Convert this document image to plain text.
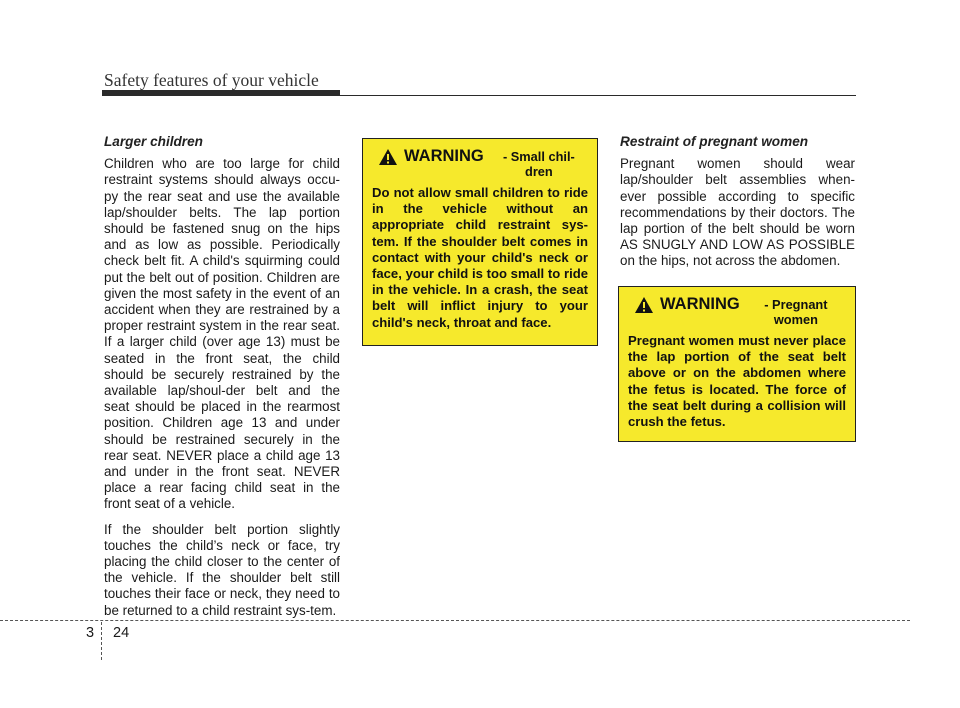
Safety features of your vehicle
Larger children

Children who are too large for child restraint systems should always occu-py the rear seat and use the available lap/shoulder belts. The lap portion should be fastened snug on the hips and as low as possible. Periodically check belt fit. A child's squirming could put the belt out of position. Children are given the most safety in the event of an accident when they are restrained by a proper restraint system in the rear seat. If a larger child (over age 13) must be seated in the front seat, the child should be securely restrained by the available lap/shoul-der belt and the seat should be placed in the rearmost position. Children age 13 and under should be restrained securely in the rear seat. NEVER place a child age 13 and under in the front seat. NEVER place a rear facing child seat in the front seat of a vehicle.

If the shoulder belt portion slightly touches the child’s neck or face, try placing the child closer to the center of the vehicle. If the shoulder belt still touches their face or neck, they need to be returned to a child restraint sys-tem.

WARNING	- Small chil-dren
Do not allow small children to ride in the vehicle without an appropriate child restraint sys-tem. If the shoulder belt comes in contact with your child's neck or face, your child is too small to ride in the vehicle. In a crash, the seat belt will inflict injury to your child's neck, throat and face.
Restraint of pregnant women

Pregnant women should wear lap/shoulder belt assemblies when-ever possible according to specific recommendations by their doctors. The lap portion of the belt should be worn AS SNUGLY AND LOW AS POSSIBLE on the hips, not across the abdomen.

WARNING	- Pregnant women
Pregnant women must never place the lap portion of the seat belt above or on the abdomen where the fetus is located. The force of the seat belt during a collision will crush the fetus.
3 24
